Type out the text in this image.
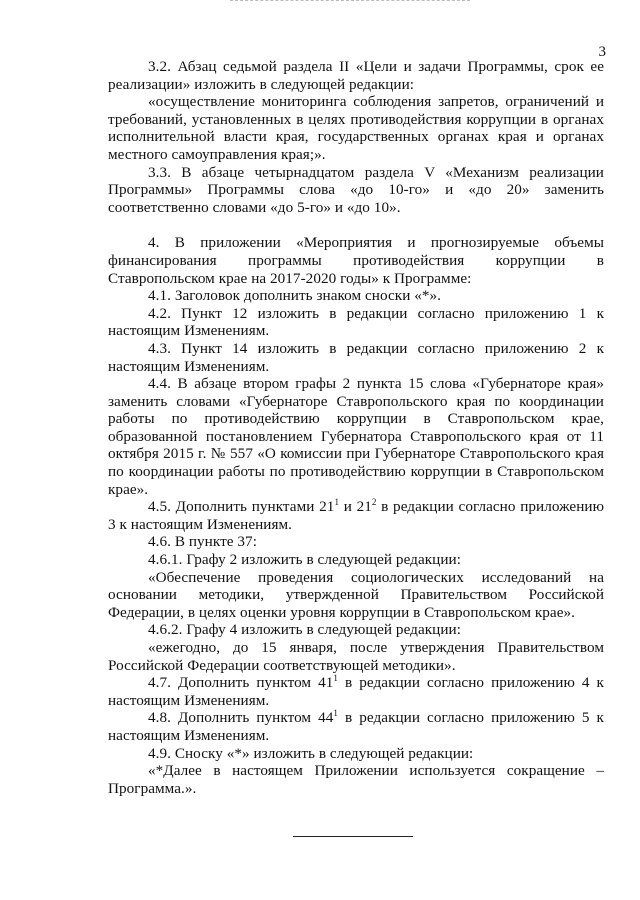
3

3.2. Абзац седьмой раздела II «Цели и задачи Программы, срок ее реализации» изложить в следующей редакции:

«осуществление мониторинга соблюдения запретов, ограничений и требований, установленных в целях противодействия коррупции в органах исполнительной власти края, государственных органах края и органах местного самоуправления края;».

3.3. В абзаце четырнадцатом раздела V «Механизм реализации Программы» Программы слова «до 10-го» и «до 20» заменить соответственно словами «до 5-го» и «до 10».

4. В приложении «Мероприятия и прогнозируемые объемы финансирования программы противодействия коррупции в Ставропольском крае на 2017-2020 годы» к Программе:

4.1. Заголовок дополнить знаком сноски «*».

4.2. Пункт 12 изложить в редакции согласно приложению 1 к настоящим Изменениям.

4.3. Пункт 14 изложить в редакции согласно приложению 2 к настоящим Изменениям.

4.4. В абзаце втором графы 2 пункта 15 слова «Губернаторе края» заменить словами «Губернаторе Ставропольского края по координации работы по противодействию коррупции в Ставропольском крае, образованной постановлением Губернатора Ставропольского края от 11 октября 2015 г. № 557 «О комиссии при Губернаторе Ставропольского края по координации работы по противодействию коррупции в Ставропольском крае».

4.5. Дополнить пунктами $21^1$ и $21^2$ в редакции согласно приложению 3 к настоящим Изменениям.

4.6. В пункте 37:

4.6.1. Графу 2 изложить в следующей редакции:

«Обеспечение проведения социологических исследований на основании методики, утвержденной Правительством Российской Федерации, в целях оценки уровня коррупции в Ставропольском крае».

4.6.2. Графу 4 изложить в следующей редакции:

«ежегодно, до 15 января, после утверждения Правительством Российской Федерации соответствующей методики».

4.7. Дополнить пунктом $41^1$ в редакции согласно приложению 4 к настоящим Изменениям.

4.8. Дополнить пунктом $44^1$ в редакции согласно приложению 5 к настоящим Изменениям.

4.9. Сноску «*» изложить в следующей редакции:

«*Далее в настоящем Приложении используется сокращение – Программа.».
